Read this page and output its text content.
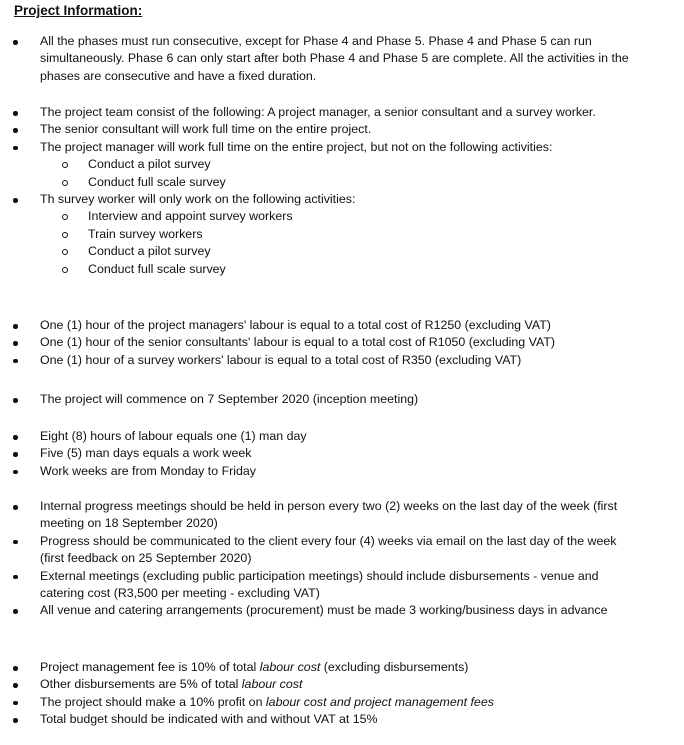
Project Information:
All the phases must run consecutive, except for Phase 4 and Phase 5. Phase 4 and Phase 5 can run simultaneously. Phase 6 can only start after both Phase 4 and Phase 5 are complete. All the activities in the phases are consecutive and have a fixed duration.
The project team consist of the following: A project manager, a senior consultant and a survey worker.
The senior consultant will work full time on the entire project.
The project manager will work full time on the entire project, but not on the following activities:
Conduct a pilot survey
Conduct full scale survey
Th survey worker will only work on the following activities:
Interview and appoint survey workers
Train survey workers
Conduct a pilot survey
Conduct full scale survey
One (1) hour of the project managers' labour is equal to a total cost of R1250 (excluding VAT)
One (1) hour of the senior consultants' labour is equal to a total cost of R1050 (excluding VAT)
One (1) hour of a survey workers' labour is equal to a total cost of R350 (excluding VAT)
The project will commence on 7 September 2020 (inception meeting)
Eight (8) hours of labour equals one (1) man day
Five (5) man days equals a work week
Work weeks are from Monday to Friday
Internal progress meetings should be held in person every two (2) weeks on the last day of the week (first meeting on 18 September 2020)
Progress should be communicated to the client every four (4) weeks via email on the last day of the week (first feedback on 25 September 2020)
External meetings (excluding public participation meetings) should include disbursements - venue and catering cost (R3,500 per meeting - excluding VAT)
All venue and catering arrangements (procurement) must be made 3 working/business days in advance
Project management fee is 10% of total labour cost (excluding disbursements)
Other disbursements are 5% of total labour cost
The project should make a 10% profit on labour cost and project management fees
Total budget should be indicated with and without VAT at 15%
